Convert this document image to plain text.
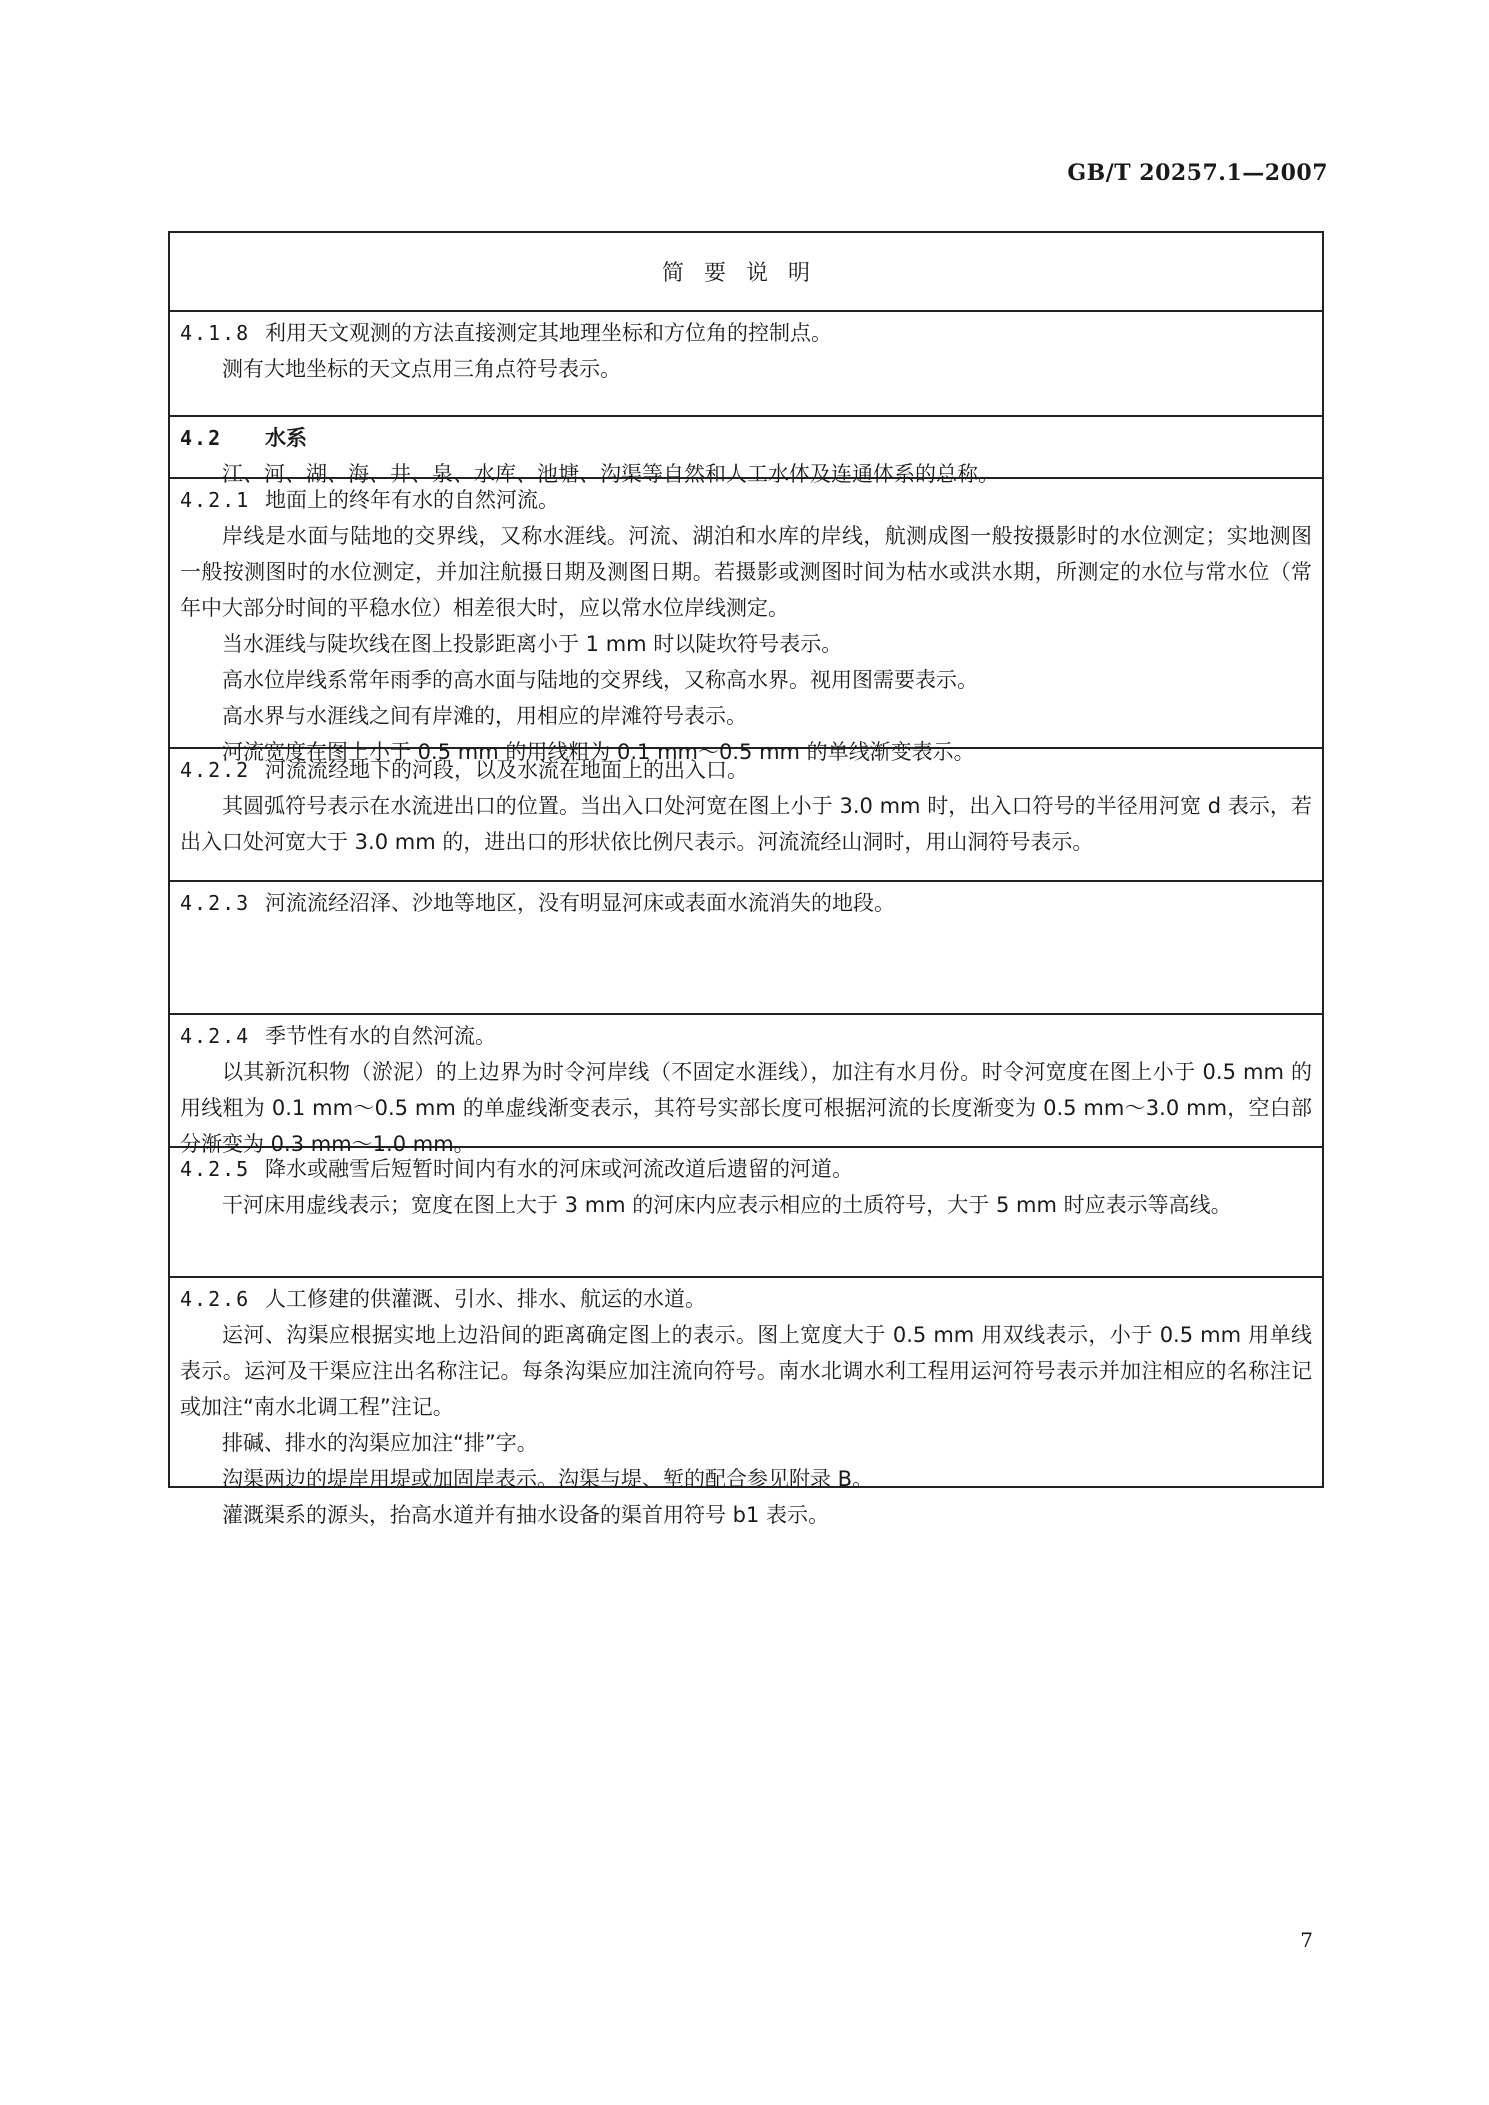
GB/T 20257.1—2007
简要说明
4.1.8 利用天文观测的方法直接测定其地理坐标和方位角的控制点。
测有大地坐标的天文点用三角点符号表示。
4.2	水系
江、河、湖、海、井、泉、水库、池塘、沟渠等自然和人工水体及连通体系的总称。
4.2.1 地面上的终年有水的自然河流。
岸线是水面与陆地的交界线，又称水涯线。河流、湖泊和水库的岸线，航测成图一般按摄影时的水位测定；实地测图一般按测图时的水位测定，并加注航摄日期及测图日期。若摄影或测图时间为枯水或洪水期，所测定的水位与常水位（常年中大部分时间的平稳水位）相差很大时，应以常水位岸线测定。
当水涯线与陡坎线在图上投影距离小于 1 mm 时以陡坎符号表示。
高水位岸线系常年雨季的高水面与陆地的交界线，又称高水界。视用图需要表示。
高水界与水涯线之间有岸滩的，用相应的岸滩符号表示。
河流宽度在图上小于 0.5 mm 的用线粗为 0.1 mm～0.5 mm 的单线渐变表示。
4.2.2 河流流经地下的河段，以及水流在地面上的出入口。
其圆弧符号表示在水流进出口的位置。当出入口处河宽在图上小于 3.0 mm 时，出入口符号的半径用河宽 d 表示，若出入口处河宽大于 3.0 mm 的，进出口的形状依比例尺表示。河流流经山洞时，用山洞符号表示。
4.2.3 河流流经沼泽、沙地等地区，没有明显河床或表面水流消失的地段。
4.2.4 季节性有水的自然河流。
以其新沉积物（淤泥）的上边界为时令河岸线（不固定水涯线），加注有水月份。时令河宽度在图上小于 0.5 mm 的用线粗为 0.1 mm～0.5 mm 的单虚线渐变表示，其符号实部长度可根据河流的长度渐变为 0.5 mm～3.0 mm，空白部分渐变为 0.3 mm～1.0 mm。
4.2.5 降水或融雪后短暂时间内有水的河床或河流改道后遗留的河道。
干河床用虚线表示；宽度在图上大于 3 mm 的河床内应表示相应的土质符号，大于 5 mm 时应表示等高线。
4.2.6 人工修建的供灌溉、引水、排水、航运的水道。
运河、沟渠应根据实地上边沿间的距离确定图上的表示。图上宽度大于 0.5 mm 用双线表示，小于 0.5 mm 用单线表示。运河及干渠应注出名称注记。每条沟渠应加注流向符号。南水北调水利工程用运河符号表示并加注相应的名称注记或加注“南水北调工程”注记。
排碱、排水的沟渠应加注“排”字。
沟渠两边的堤岸用堤或加固岸表示。沟渠与堤、堑的配合参见附录 B。
灌溉渠系的源头，抬高水道并有抽水设备的渠首用符号 b1 表示。
7
